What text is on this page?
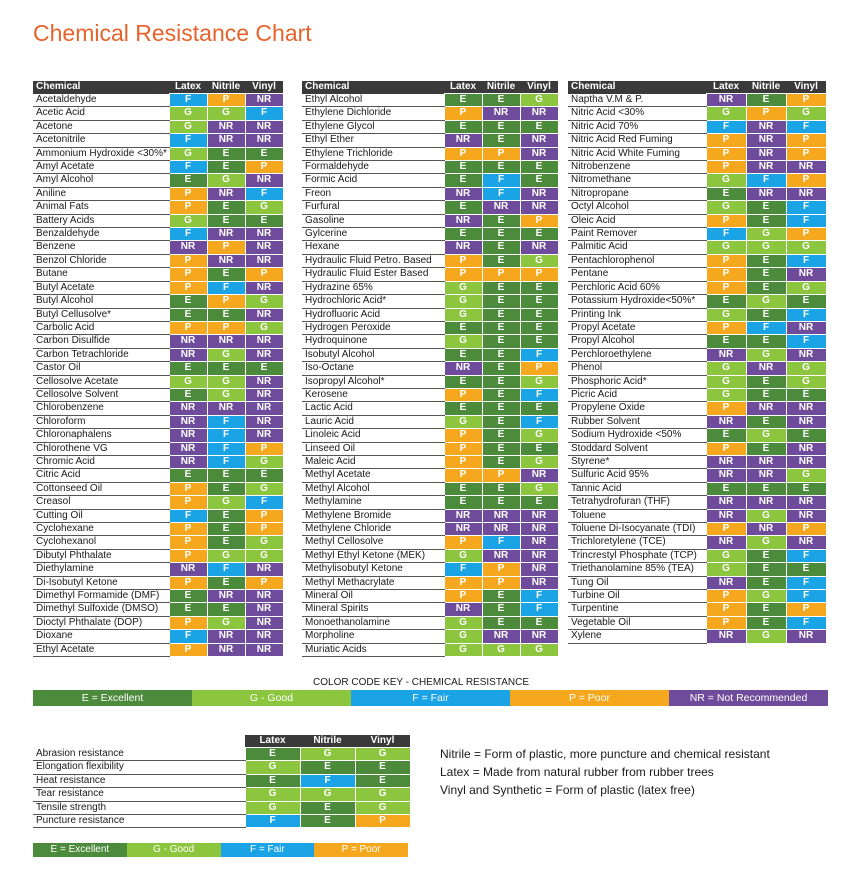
Chemical Resistance Chart
Chemical	Latex	Nitrile	Vinyl
Acetaldehyde	F	P	NR
Acetic Acid	G	G	F
Acetone	G	NR	NR
Acetonitrile	F	NR	NR
Ammonium Hydroxide <30%*	G	E	E
Amyl Acetate	F	E	P
Amyl Alcohol	E	G	NR
Aniline	P	NR	F
Animal Fats	P	E	G
Battery Acids	G	E	E
Benzaldehyde	F	NR	NR
Benzene	NR	P	NR
Benzol Chloride	P	NR	NR
Butane	P	E	P
Butyl Acetate	P	F	NR
Butyl Alcohol	E	P	G
Butyl Cellusolve*	E	E	NR
Carbolic Acid	P	P	G
Carbon Disulfide	NR	NR	NR
Carbon Tetrachloride	NR	G	NR
Castor Oil	E	E	E
Cellosolve Acetate	G	G	NR
Cellosolve Solvent	E	G	NR
Chlorobenzene	NR	NR	NR
Chloroform	NR	F	NR
Chloronaphalens	NR	F	NR
Chlorothene VG	NR	F	P
Chromic Acid	NR	F	G
Citric Acid	E	E	E
Cottonseed Oil	P	E	G
Creasol	P	G	F
Cutting Oil	F	E	P
Cyclohexane	P	E	P
Cyclohexanol	P	E	G
Dibutyl Phthalate	P	G	G
Diethylamine	NR	F	NR
Di-Isobutyl Ketone	P	E	P
Dimethyl Formamide (DMF)	E	NR	NR
Dimethyl Sulfoxide (DMSO)	E	E	NR
Dioctyl Phthalate (DOP)	P	G	NR
Dioxane	F	NR	NR
Ethyl Acetate	P	NR	NR
Chemical	Latex	Nitrile	Vinyl
Ethyl Alcohol	E	E	G
Ethylene Dichloride	P	NR	NR
Ethylene Glycol	E	E	E
Ethyl Ether	NR	E	NR
Ethylene Trichloride	P	P	NR
Formaldehyde	E	E	E
Formic Acid	E	F	E
Freon	NR	F	NR
Furfural	E	NR	NR
Gasoline	NR	E	P
Gylcerine	E	E	E
Hexane	NR	E	NR
Hydraulic Fluid Petro. Based	P	E	G
Hydraulic Fluid Ester Based	P	P	P
Hydrazine 65%	G	E	E
Hydrochloric Acid*	G	E	E
Hydrofluoric Acid	G	E	E
Hydrogen Peroxide	E	E	E
Hydroquinone	G	E	E
Isobutyl Alcohol	E	E	F
Iso-Octane	NR	E	P
Isopropyl Alcohol*	E	E	G
Kerosene	P	E	F
Lactic Acid	E	E	E
Lauric Acid	G	E	F
Linoleic Acid	P	E	G
Linseed Oil	P	E	E
Maleic Acid	P	E	G
Methyl Acetate	P	P	NR
Methyl Alcohol	E	E	G
Methylamine	E	E	E
Methylene Bromide	NR	NR	NR
Methylene Chloride	NR	NR	NR
Methyl Cellosolve	P	F	NR
Methyl Ethyl Ketone (MEK)	G	NR	NR
Methylisobutyl Ketone	F	P	NR
Methyl Methacrylate	P	P	NR
Mineral Oil	P	E	F
Mineral Spirits	NR	E	F
Monoethanolamine	G	E	E
Morpholine	G	NR	NR
Muriatic Acids	G	G	G
Chemical	Latex	Nitrile	Vinyl
Naptha V.M & P.	NR	E	P
Nitric Acid <30%	G	P	G
Nitric Acid 70%	F	NR	F
Nitric Acid Red Fuming	P	NR	P
Nitric Acid White Fuming	P	NR	P
Nitrobenzene	P	NR	NR
Nitromethane	G	F	P
Nitropropane	E	NR	NR
Octyl Alcohol	G	E	F
Oleic Acid	P	E	F
Paint Remover	F	G	P
Palmitic Acid	G	G	G
Pentachlorophenol	P	E	F
Pentane	P	E	NR
Perchloric Acid 60%	P	E	G
Potassium Hydroxide<50%*	E	G	E
Printing Ink	G	E	F
Propyl Acetate	P	F	NR
Propyl Alcohol	E	E	F
Perchloroethylene	NR	G	NR
Phenol	G	NR	G
Phosphoric Acid*	G	E	G
Picric Acid	G	E	E
Propylene Oxide	P	NR	NR
Rubber Solvent	NR	E	NR
Sodium Hydroxide <50%	E	G	E
Stoddard Solvent	P	E	NR
Styrene*	NR	NR	NR
Sulfuric Acid 95%	NR	NR	G
Tannic Acid	E	E	E
Tetrahydrofuran (THF)	NR	NR	NR
Toluene	NR	G	NR
Toluene Di-Isocyanate (TDI)	P	NR	P
Trichloretylene (TCE)	NR	G	NR
Trincrestyl Phosphate (TCP)	G	E	F
Triethanolamine 85% (TEA)	G	E	E
Tung Oil	NR	E	F
Turbine Oil	P	G	F
Turpentine	P	E	P
Vegetable Oil	P	E	F
Xylene	NR	G	NR
COLOR CODE KEY - CHEMICAL RESISTANCE
E = Excellent	G - Good	F = Fair	P = Poor	NR = Not Recommended
	Latex	Nitrile	Vinyl
Abrasion resistance	E	G	G
Elongation flexibility	G	E	E
Heat resistance	E	F	E
Tear resistance	G	G	G
Tensile strength	G	E	G
Puncture resistance	F	E	P
Nitrile = Form of plastic, more puncture and chemical resistant
Latex = Made from natural rubber from rubber trees
Vinyl and Synthetic = Form of plastic (latex free)
E = Excellent	G - Good	F = Fair	P = Poor
